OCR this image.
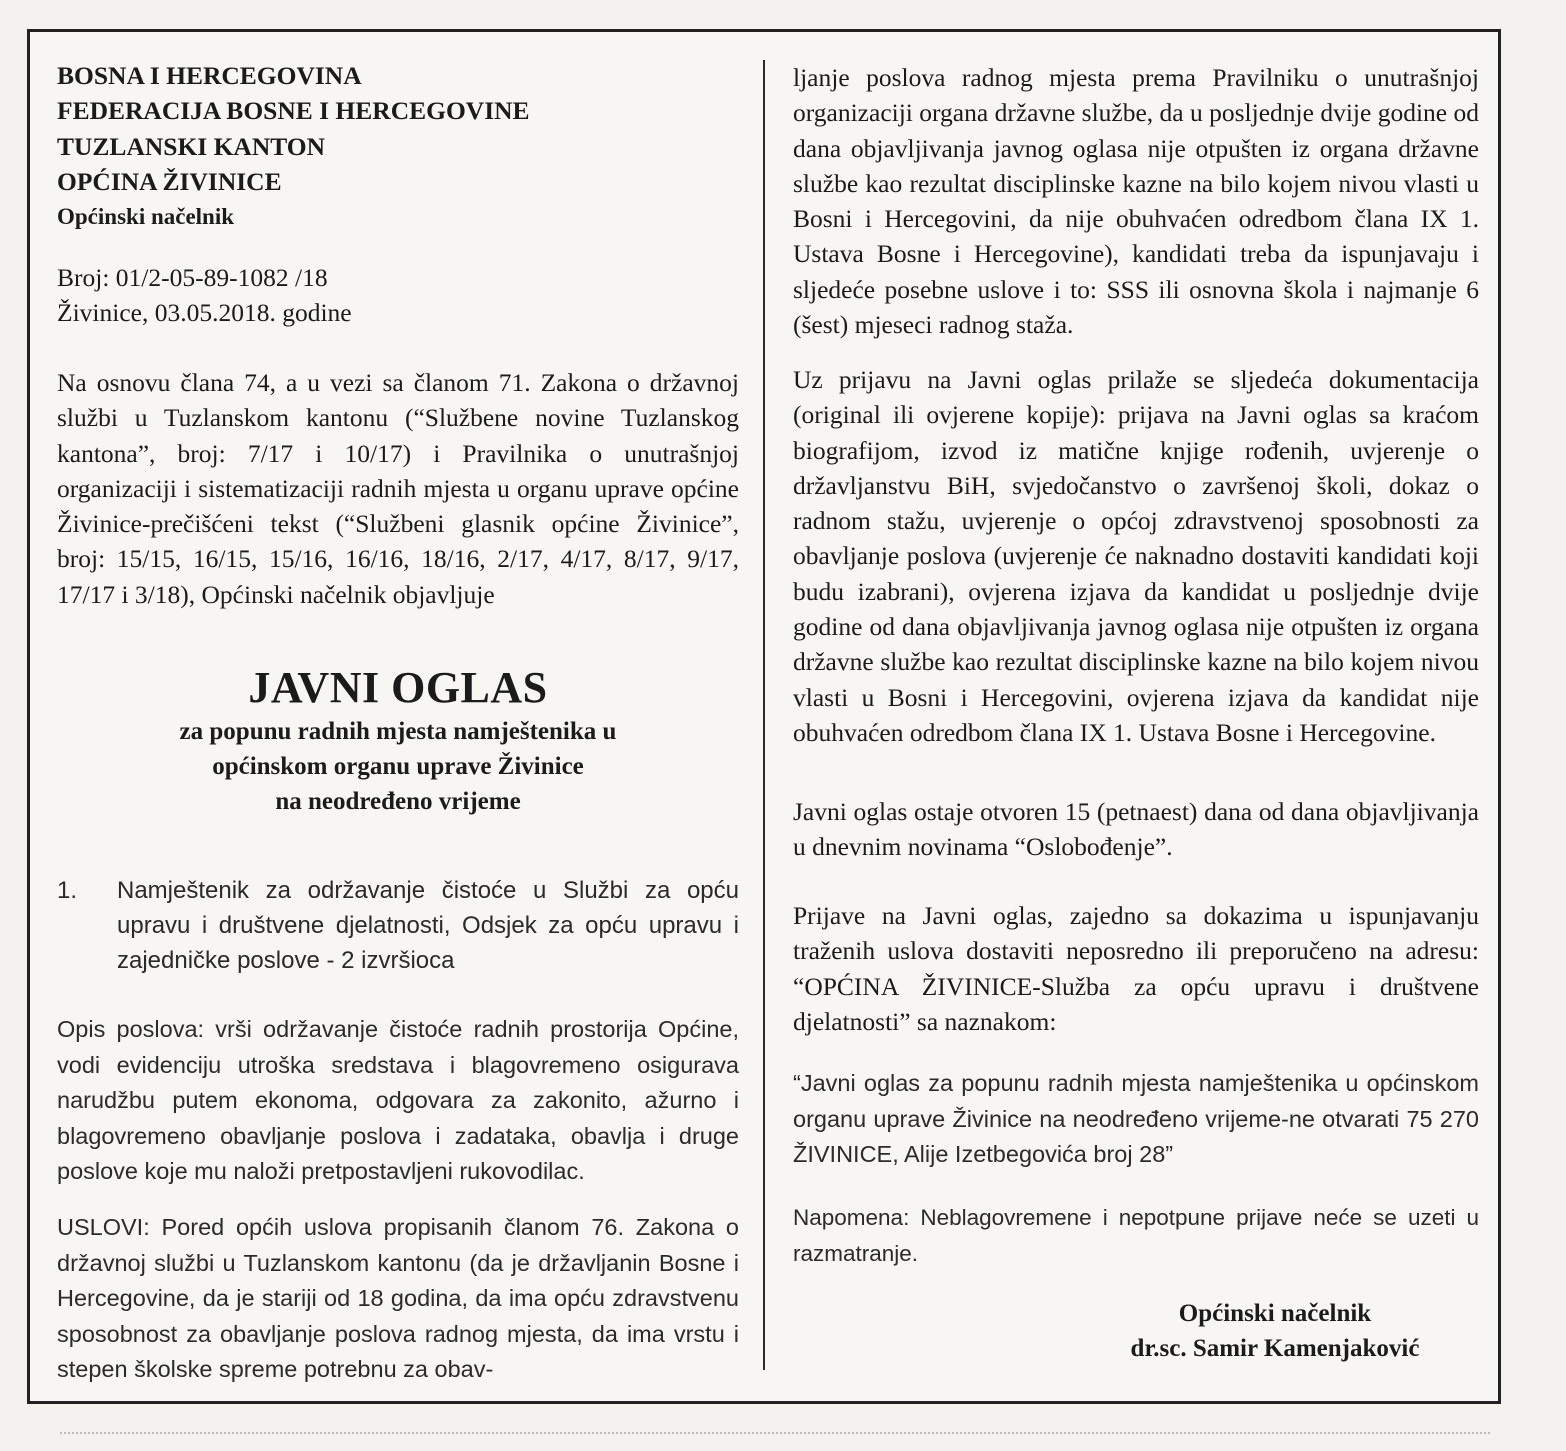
BOSNA I HERCEGOVINA
FEDERACIJA BOSNE I HERCEGOVINE
TUZLANSKI KANTON
OPĆINA ŽIVINICE
Općinski načelnik
Broj: 01/2-05-89-1082 /18
Živinice, 03.05.2018. godine

Na osnovu člana 74, a u vezi sa članom 71. Zakona o državnoj službi u Tuzlanskom kantonu (“Službene novine Tuzlanskog kantona”, broj: 7/17 i 10/17) i Pravilnika o unutrašnjoj organizaciji i sistematizaciji radnih mjesta u organu uprave općine Živinice-prečišćeni tekst (“Službeni glasnik općine Živinice”, broj: 15/15, 16/15, 15/16, 16/16, 18/16, 2/17, 4/17, 8/17, 9/17, 17/17 i 3/18), Općinski načelnik objavljuje

JAVNI OGLAS
za popunu radnih mjesta namještenika u
općinskom organu uprave Živinice
na neodređeno vrijeme
1. Namještenik za održavanje čistoće u Službi za opću upravu i društvene djelatnosti, Odsjek za opću upravu i zajedničke poslove - 2 izvršioca

Opis poslova: vrši održavanje čistoće radnih prostorija Općine, vodi evidenciju utroška sredstava i blagovremeno osigurava narudžbu putem ekonoma, odgovara za zakonito, ažurno i blagovremeno obavljanje poslova i zadataka, obavlja i druge poslove koje mu naloži pretpostavljeni rukovodilac.

USLOVI: Pored općih uslova propisanih članom 76. Zakona o državnoj službi u Tuzlanskom kantonu (da je državljanin Bosne i Hercegovine, da je stariji od 18 godina, da ima opću zdravstvenu sposobnost za obavljanje poslova radnog mjesta, da ima vrstu i stepen školske spreme potrebnu za obav-

ljanje poslova radnog mjesta prema Pravilniku o unutrašnjoj organizaciji organa državne službe, da u posljednje dvije godine od dana objavljivanja javnog oglasa nije otpušten iz organa državne službe kao rezultat disciplinske kazne na bilo kojem nivou vlasti u Bosni i Hercegovini, da nije obuhvaćen odredbom člana IX 1. Ustava Bosne i Hercegovine), kandidati treba da ispunjavaju i sljedeće posebne uslove i to: SSS ili osnovna škola i najmanje 6 (šest) mjeseci radnog staža.

Uz prijavu na Javni oglas prilaže se sljedeća dokumentacija (original ili ovjerene kopije): prijava na Javni oglas sa kraćom biografijom, izvod iz matične knjige rođenih, uvjerenje o državljanstvu BiH, svjedočanstvo o završenoj školi, dokaz o radnom stažu, uvjerenje o općoj zdravstvenoj sposobnosti za obavljanje poslova (uvjerenje će naknadno dostaviti kandidati koji budu izabrani), ovjerena izjava da kandidat u posljednje dvije godine od dana objavljivanja javnog oglasa nije otpušten iz organa državne službe kao rezultat disciplinske kazne na bilo kojem nivou vlasti u Bosni i Hercegovini, ovjerena izjava da kandidat nije obuhvaćen odredbom člana IX 1. Ustava Bosne i Hercegovine.

Javni oglas ostaje otvoren 15 (petnaest) dana od dana objavljivanja u dnevnim novinama “Oslobođenje”.

Prijave na Javni oglas, zajedno sa dokazima u ispunjavanju traženih uslova dostaviti neposredno ili preporučeno na adresu: “OPĆINA ŽIVINICE-Služba za opću upravu i društvene djelatnosti” sa naznakom:

“Javni oglas za popunu radnih mjesta namještenika u općinskom organu uprave Živinice na neodređeno vrijeme-ne otvarati 75 270 ŽIVINICE, Alije Izetbegovića broj 28”

Napomena: Neblagovremene i nepotpune prijave neće se uzeti u razmatranje.

Općinski načelnik
dr.sc. Samir Kamenjaković
